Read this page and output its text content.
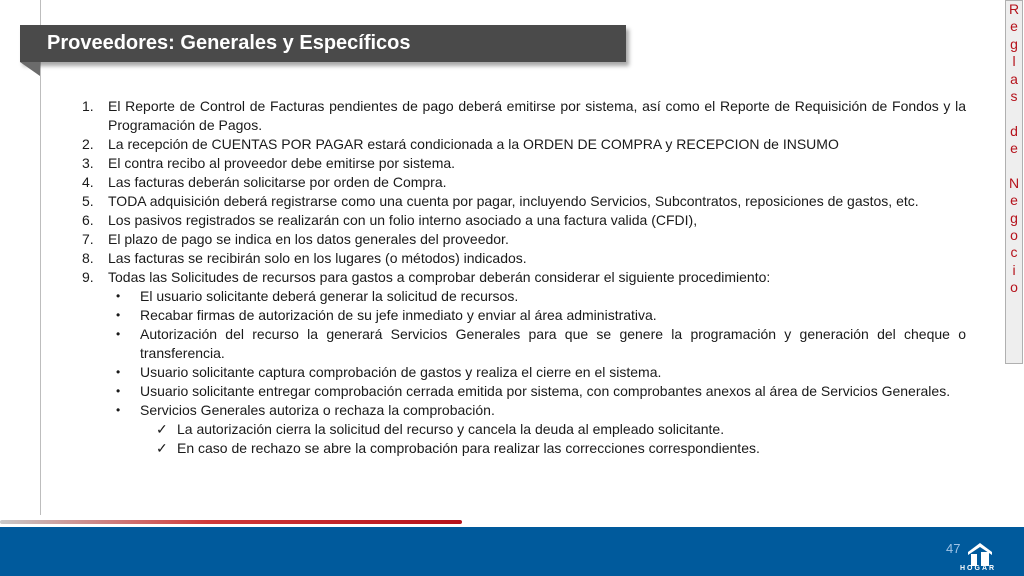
Proveedores: Generales y Específicos
R
e
g
l
a
s
d
e
N
e
g
o
c
i
o
1. El Reporte de Control de Facturas pendientes de pago deberá emitirse por sistema, así como el Reporte de Requisición de Fondos y la Programación de Pagos.
2. La recepción de CUENTAS POR PAGAR estará condicionada a la ORDEN DE COMPRA y RECEPCION de INSUMO
3. El contra recibo al proveedor debe emitirse por sistema.
4. Las facturas deberán solicitarse por orden de Compra.
5. TODA adquisición deberá registrarse como una cuenta por pagar, incluyendo Servicios, Subcontratos, reposiciones de gastos, etc.
6. Los pasivos registrados se realizarán con un folio interno asociado a una factura valida (CFDI),
7. El plazo de pago se indica en los datos generales del proveedor.
8. Las facturas se recibirán solo en los lugares (o métodos) indicados.
9. Todas las Solicitudes de recursos para gastos a comprobar deberán considerar el siguiente procedimiento:
• El usuario solicitante deberá generar la solicitud de recursos.
• Recabar firmas de autorización de su jefe inmediato y enviar al área administrativa.
• Autorización del recurso la generará Servicios Generales para que se genere la programación y generación del cheque o transferencia.
• Usuario solicitante captura comprobación de gastos y realiza el cierre en el sistema.
• Usuario solicitante entregar comprobación cerrada emitida por sistema, con comprobantes anexos al área de Servicios Generales.
• Servicios Generales autoriza o rechaza la comprobación.
✓ La autorización cierra la solicitud del recurso y cancela la deuda al empleado solicitante.
✓ En caso de rechazo se abre la comprobación para realizar las correcciones correspondientes.
47
HOGAR
